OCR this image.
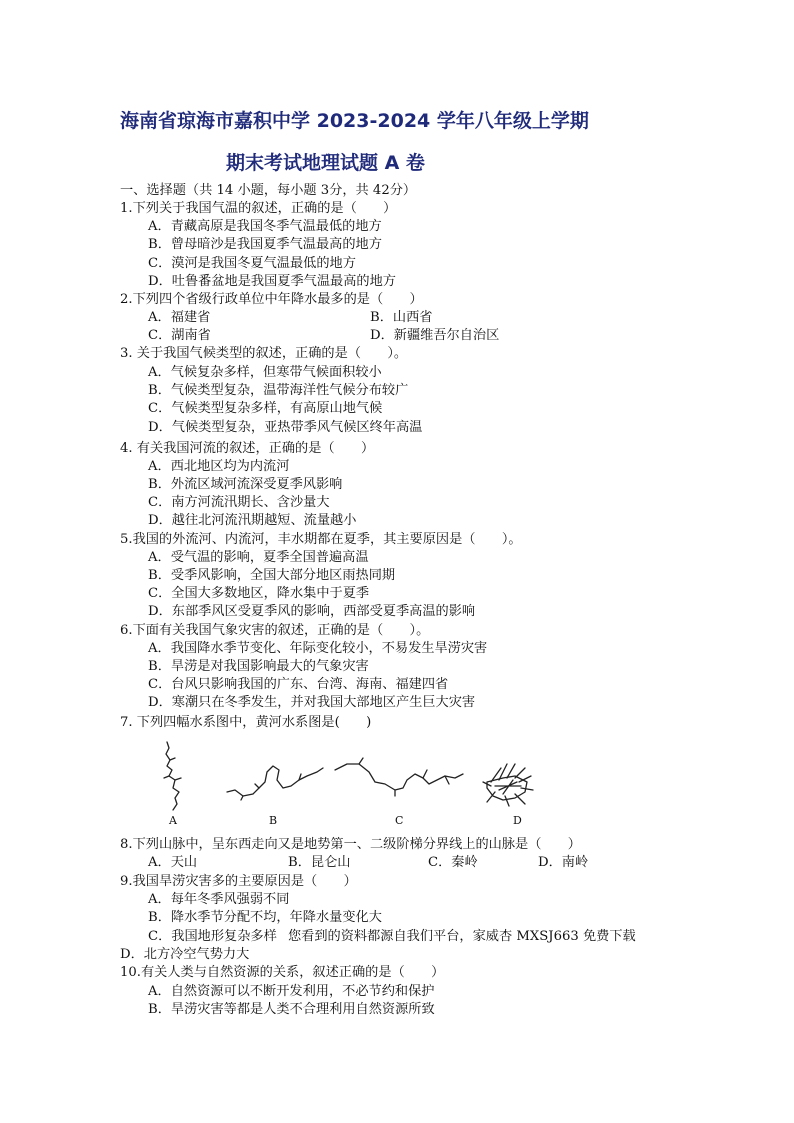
海南省琼海市嘉积中学 2023-2024 学年八年级上学期
期末考试地理试题 A 卷
一、选择题（共 14 小题，每小题 3分，共 42分）
1.下列关于我国气温的叙述，正确的是（　　）
A．青藏高原是我国冬季气温最低的地方
B．曾母暗沙是我国夏季气温最高的地方
C．漠河是我国冬夏气温最低的地方
D．吐鲁番盆地是我国夏季气温最高的地方
2.下列四个省级行政单位中年降水最多的是（　　）
A．福建省	B．山西省
C．湖南省	D．新疆维吾尔自治区
3. 关于我国气候类型的叙述，正确的是（　　）。
A．气候复杂多样，但寒带气候面积较小
B．气候类型复杂，温带海洋性气候分布较广
C．气候类型复杂多样，有高原山地气候
D．气候类型复杂，亚热带季风气候区终年高温
4. 有关我国河流的叙述，正确的是（　　）
A．西北地区均为内流河
B．外流区域河流深受夏季风影响
C．南方河流汛期长、含沙量大
D．越往北河流汛期越短、流量越小
5.我国的外流河、内流河，丰水期都在夏季，其主要原因是（　　）。
A．受气温的影响，夏季全国普遍高温
B．受季风影响，全国大部分地区雨热同期
C．全国大多数地区，降水集中于夏季
D．东部季风区受夏季风的影响，西部受夏季高温的影响
6.下面有关我国气象灾害的叙述，正确的是（　　）。
A．我国降水季节变化、年际变化较小，不易发生旱涝灾害
B．旱涝是对我国影响最大的气象灾害
C．台风只影响我国的广东、台湾、海南、福建四省
D．寒潮只在冬季发生，并对我国大部地区产生巨大灾害
7. 下列四幅水系图中，黄河水系图是(　　)
A	B	C	D
8.下列山脉中，呈东西走向又是地势第一、二级阶梯分界线上的山脉是（　　）
A．天山	B．昆仑山	C．秦岭	D．南岭
9.我国旱涝灾害多的主要原因是（　　）
A．每年冬季风强弱不同
B．降水季节分配不均，年降水量变化大
C．我国地形复杂多样 您看到的资料都源自我们平台，家威杏 MXSJ663 免费下载
D．北方冷空气势力大
10.有关人类与自然资源的关系，叙述正确的是（　　）
A．自然资源可以不断开发利用，不必节约和保护
B．旱涝灾害等都是人类不合理利用自然资源所致
